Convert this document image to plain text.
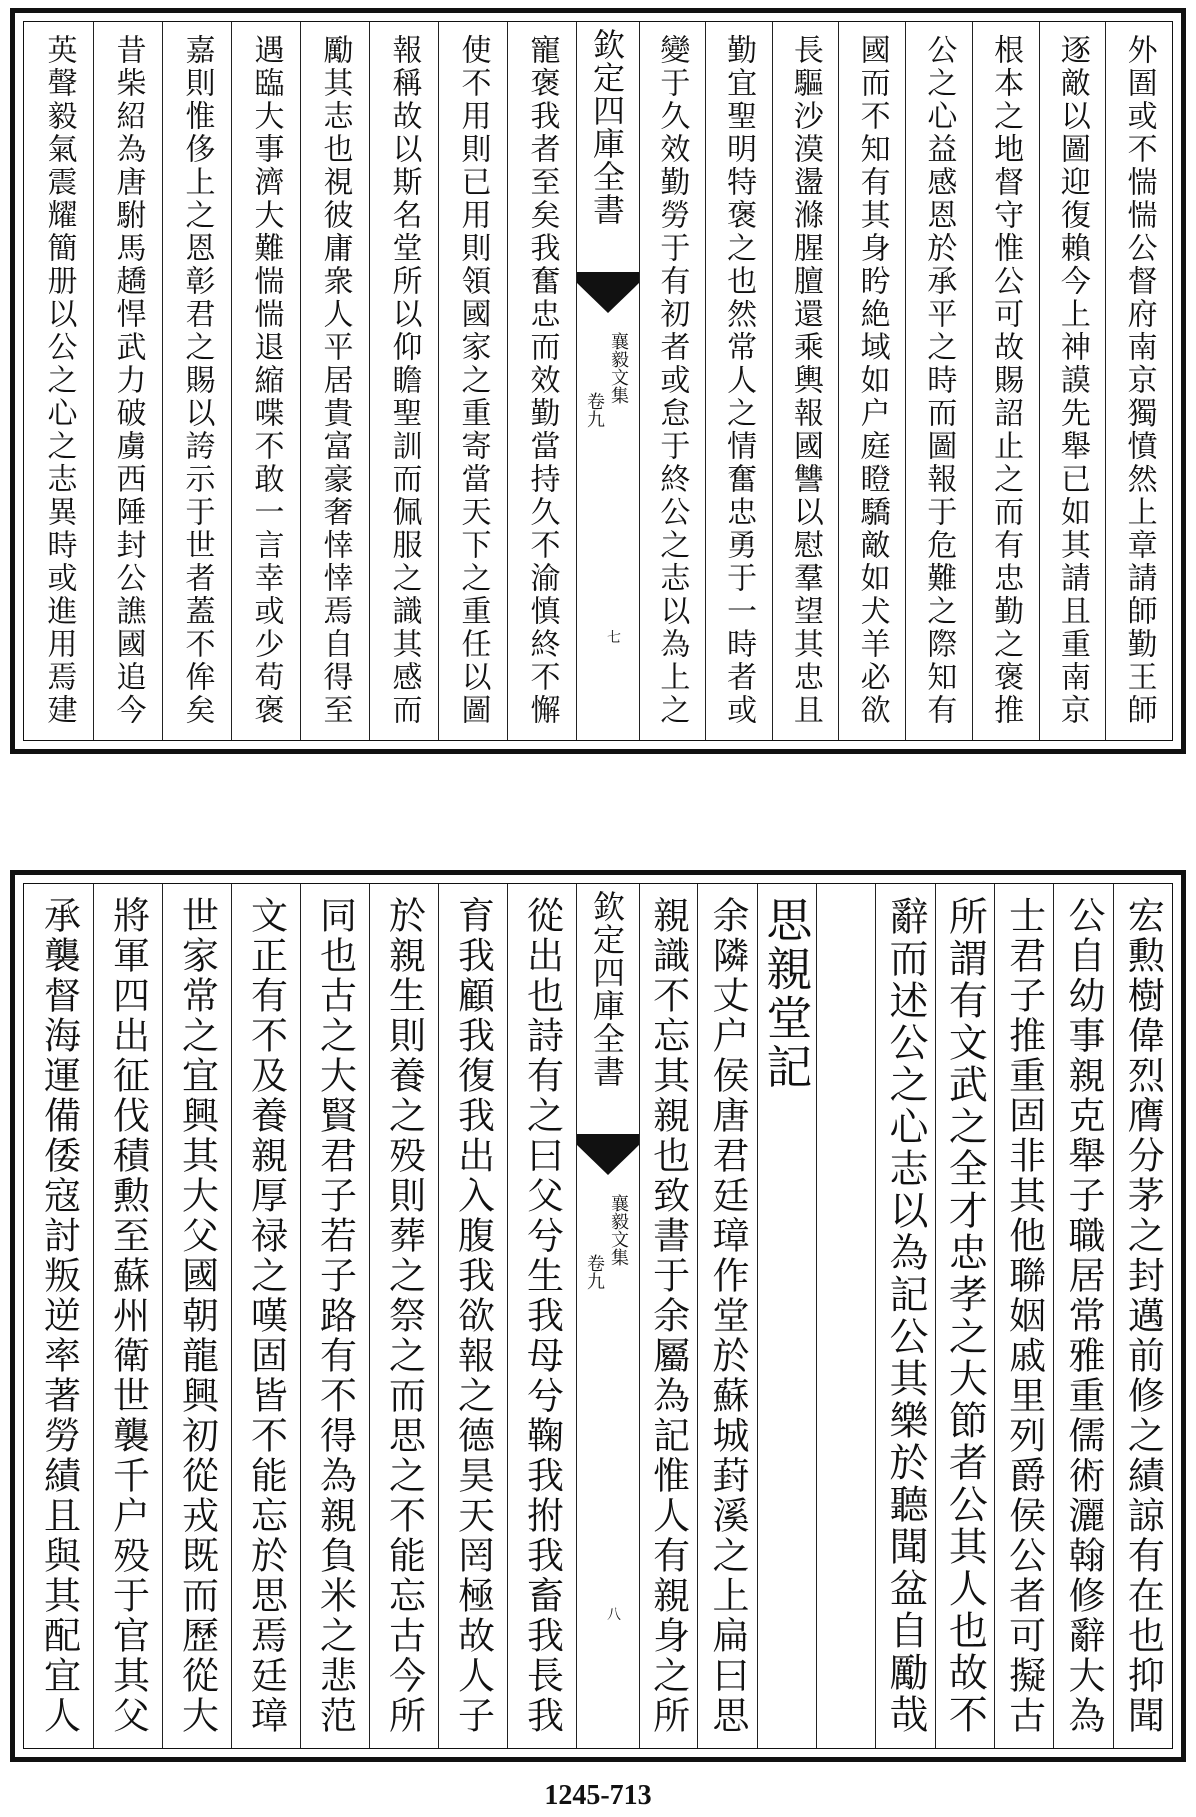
欽定四庫全書
襄毅文集
卷九
七	外圄或不惴惴公督府南京獨憤然上章請師勤王師
逐敵以圖迎復賴今上神謨先舉已如其請且重南京
根本之地督守惟公可故賜詔止之而有忠勤之褒推
公之心益感恩於承平之時而圖報于危難之際知有
國而不知有其身盻絶域如户庭瞪驕敵如犬羊必欲
長驅沙漠盪滌腥膻還乘輿報國讐以慰羣望其忠且
勤宜聖明特褒之也然常人之情奮忠勇于一時者或
變于久效勤勞于有初者或怠于終公之志以為上之
寵褒我者至矣我奮忠而效勤當持久不渝慎終不懈
使不用則已用則領國家之重寄當天下之重任以圖
報稱故以斯名堂所以仰瞻聖訓而佩服之識其感而
勵其志也視彼庸衆人平居貴富豪奢悻悻焉自得至
遇臨大事濟大難惴惴退縮喋不敢一言幸或少苟褒
嘉則惟侈上之恩彰君之賜以誇示于世者蓋不侔矣
昔柴紹為唐駙馬趫悍武力破虜西陲封公譙國追今
英聲毅氣震耀簡册以公之心之志異時或進用焉建
欽定四庫全書
襄毅文集
卷九
八	宏勲樹偉烈膺分茅之封邁前修之績諒有在也抑聞
公自幼事親克舉子職居常雅重儒術灑翰修辭大為
士君子推重固非其他聯姻戚里列爵侯公者可擬古
所謂有文武之全才忠孝之大節者公其人也故不
辭而述公之心志以為記公其樂於聽聞盆自勵哉
思親堂記
余隣丈户侯唐君廷璋作堂於蘇城葑溪之上扁曰思
親識不忘其親也致書于余屬為記惟人有親身之所
從出也詩有之曰父兮生我母兮鞠我拊我畜我長我
育我顧我復我出入腹我欲報之德昊天罔極故人子
於親生則養之殁則葬之祭之而思之不能忘古今所
同也古之大賢君子若子路有不得為親負米之悲范
文正有不及養親厚禄之嘆固皆不能忘於思焉廷璋
世家常之宜興其大父國朝龍興初從戎既而歷從大
將軍四出征伐積勲至蘇州衛世襲千户殁于官其父
承襲督海運備倭寇討叛逆率著勞績且與其配宜人
1245-713
